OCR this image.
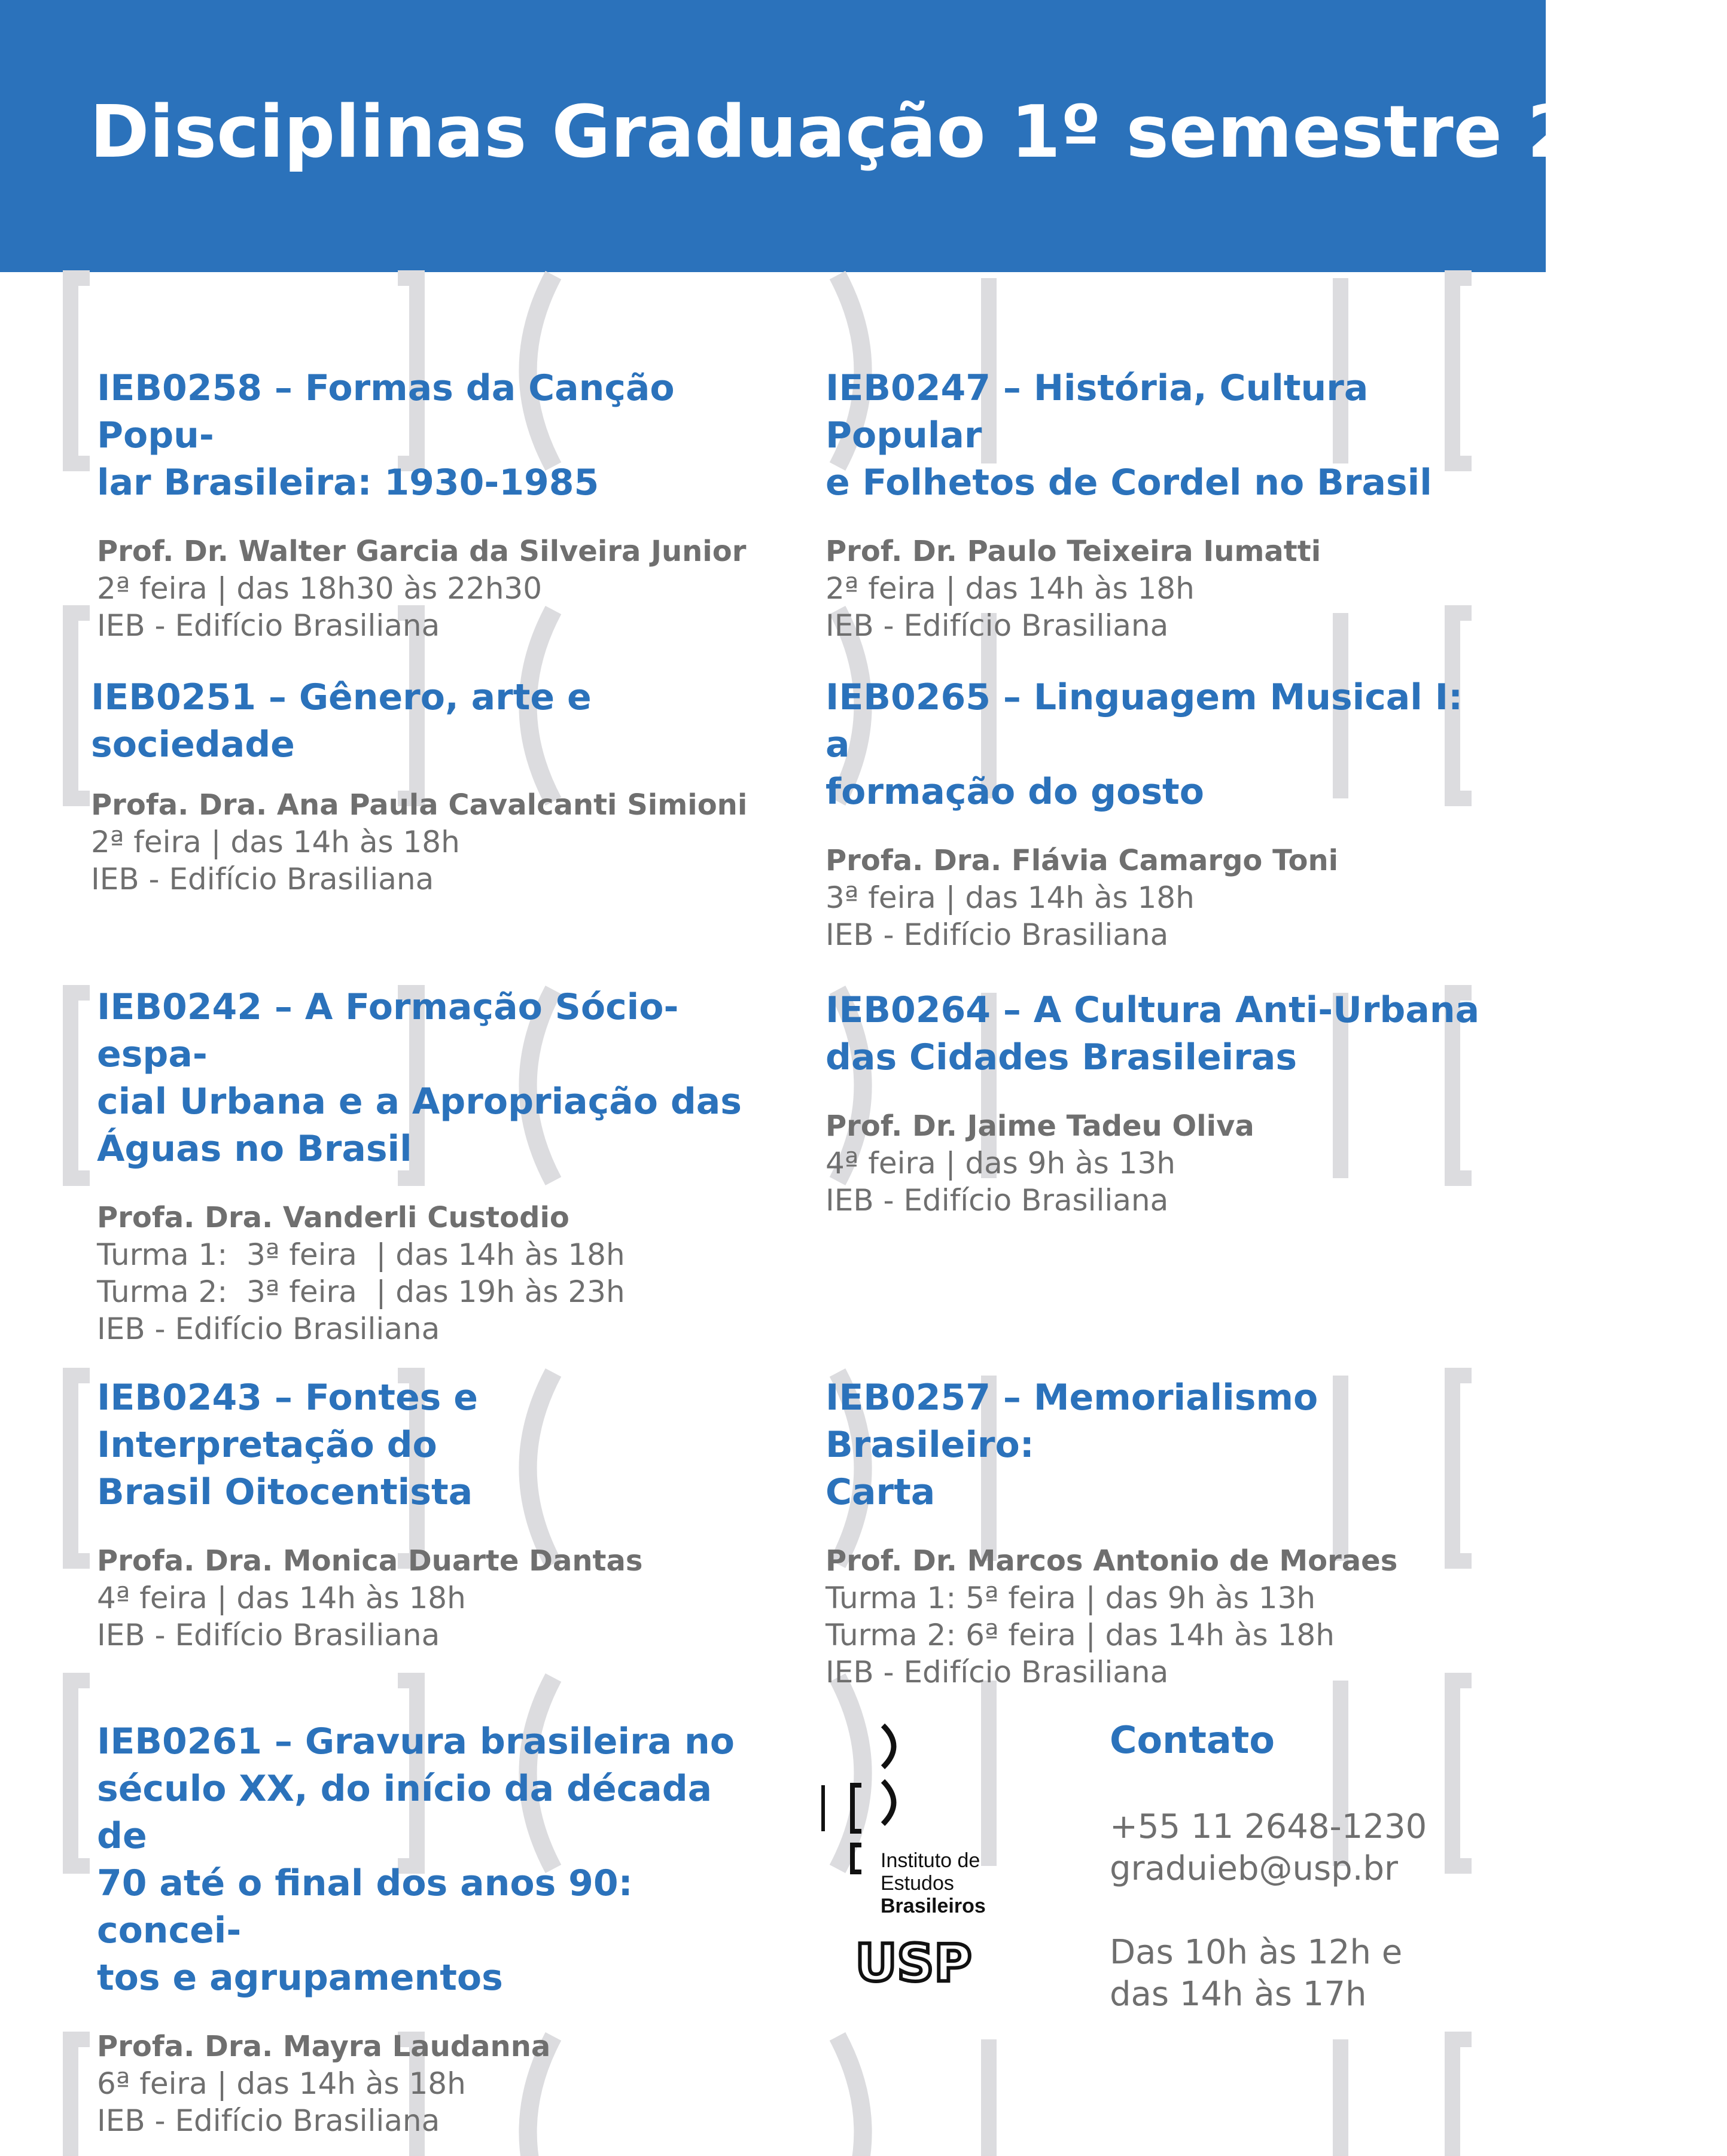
Disciplinas Graduação 1º semestre 2017
IEB0258 – Formas da Canção Popu-
lar Brasileira: 1930-1985
Prof. Dr. Walter Garcia da Silveira Junior
2ª feira | das 18h30 às 22h30
IEB - Edifício Brasiliana
IEB0247 – História, Cultura Popular
e Folhetos de Cordel no Brasil
Prof. Dr. Paulo Teixeira Iumatti
2ª feira | das 14h às 18h
IEB - Edifício Brasiliana
IEB0251 – Gênero, arte e sociedade
Profa. Dra. Ana Paula Cavalcanti Simioni
2ª feira | das 14h às 18h
IEB - Edifício Brasiliana
IEB0265 – Linguagem Musical I: a
formação do gosto
Profa. Dra. Flávia Camargo Toni
3ª feira | das 14h às 18h
IEB - Edifício Brasiliana
IEB0242 – A Formação Sócio-espa-
cial Urbana e a Apropriação das
Águas no Brasil
Profa. Dra. Vanderli Custodio
Turma 1:  3ª feira  | das 14h às 18h
Turma 2:  3ª feira  | das 19h às 23h
IEB - Edifício Brasiliana
IEB0264 – A Cultura Anti-Urbana
das Cidades Brasileiras
Prof. Dr. Jaime Tadeu Oliva
4ª feira | das 9h às 13h
IEB - Edifício Brasiliana
IEB0243 – Fontes e Interpretação do
Brasil Oitocentista
Profa. Dra. Monica Duarte Dantas
4ª feira | das 14h às 18h
IEB - Edifício Brasiliana
IEB0257 – Memorialismo Brasileiro:
Carta
Prof. Dr. Marcos Antonio de Moraes
Turma 1: 5ª feira | das 9h às 13h
Turma 2: 6ª feira | das 14h às 18h
IEB - Edifício Brasiliana
IEB0261 – Gravura brasileira no
século XX, do início da década de
70 até o final dos anos 90: concei-
tos e agrupamentos
Profa. Dra. Mayra Laudanna
6ª feira | das 14h às 18h
IEB - Edifício Brasiliana
Instituto de
Estudos
Brasileiros
USP
Contato
+55 11 2648-1230
graduieb@usp.br
Das 10h às 12h e
das 14h às 17h
